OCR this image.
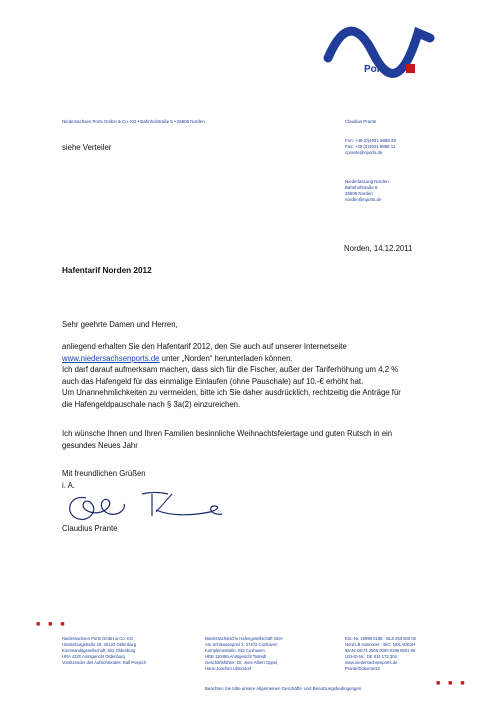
Ports
Niedersachsen Ports GmbH & Co. KG • Bahnhofstraße 5 • 26506 Norden	Claudius Prante
Fon: +49 (0)4931 9888 29
Fax: +49 (0)4931 9888 11
cprante@nports.de
Niederlassung Norden
Bahnhofstraße 5
26506 Norden
norden@nports.de
siehe Verteiler
Norden, 14.12.2011
Hafentarif Norden 2012
Sehr geehrte Damen und Herren,
anliegend erhalten Sie den Hafentarif 2012, den Sie auch auf unserer Internetseite
www.niedersachsenports.de unter „Norden“ herunterladen können.
Ich darf darauf aufmerksam machen, dass sich für die Fischer, außer der Tariferhöhung um 4,2 %
auch das Hafengeld für das einmalige Einlaufen (ohne Pauschale) auf 10.-€ erhöht hat.
Um Unannehmlichkeiten zu vermeiden, bitte ich Sie daher ausdrücklich, rechtzeitig die Anträge für
die Hafengeldpauschale nach § 3a(2) einzureichen.
Ich wünsche Ihnen und Ihren Familien besinnliche Weihnachtsfeiertage und guten Rutsch in ein
gesundes Neues Jahr
Mit freundlichen Grüßen
i. A.
Claudius Prante
■ ■ ■
■ ■ ■
Niedersachsen Ports GmbH & Co. KG
Hindenburgstraße 28, 26122 Oldenburg
Kommanditgesellschaft, Sitz Oldenburg
HRA 4220 Amtsgericht Oldenburg
Vorsitzender des Aufsichtsrates: Ralf Pospich
Niedersächsische Hafengesellschaft mbH
Am Schleusenpriel 2, 27472 Cuxhaven
Komplementärin, Sitz Cuxhaven
HRB 110486 Amtsgericht Tostedt
Geschäftsführer: Dr. Jens-Albert Oppel,
Hans-Joachim Uhlendorf
Kto.-Nr. 19996 0188 · BLZ 250 500 00
Nord LB Hannover · BIC: NOLADE2H
IBAN: DE74 2505 0000 0199 9601 88
USt-ID-Nr.: DE 814 172 304
www.niedersachsenports.de
Prante/Dokument2
Beachten Sie bitte unsere Allgemeinen Geschäfts- und Benutzungsbedingungen.
